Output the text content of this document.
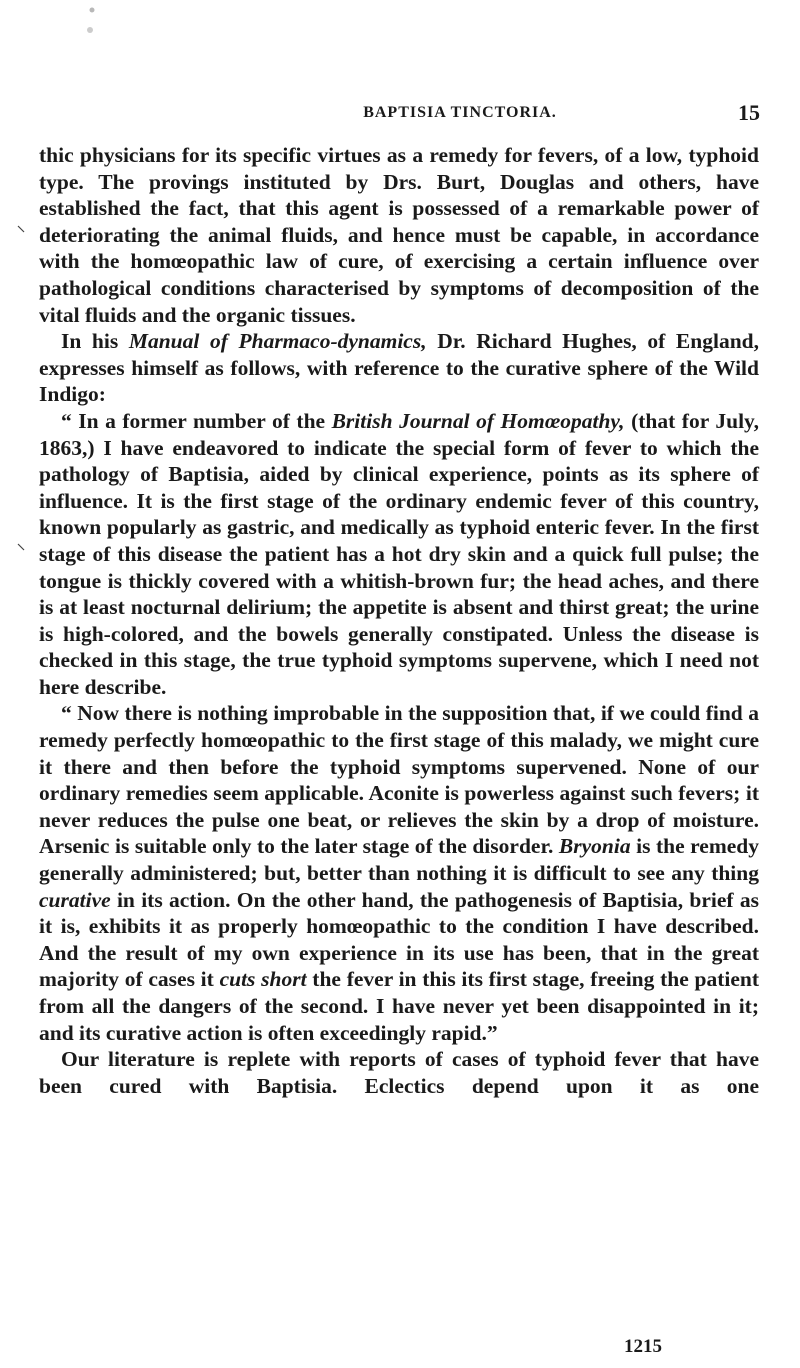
BAPTISIA TINCTORIA.	15

thic physicians for its specific virtues as a remedy for fevers, of a low, typhoid type. The provings instituted by Drs. Burt, Douglas and others, have established the fact, that this agent is possessed of a remarkable power of deteriorating the animal fluids, and hence must be capable, in accordance with the homœopathic law of cure, of exercising a certain influence over pathological conditions characterised by symptoms of decomposition of the vital fluids and the organic tissues.

In his Manual of Pharmaco-dynamics, Dr. Richard Hughes, of England, expresses himself as follows, with reference to the curative sphere of the Wild Indigo:

“ In a former number of the British Journal of Homœopathy, (that for July, 1863,) I have endeavored to indicate the special form of fever to which the pathology of Baptisia, aided by clinical experience, points as its sphere of influence. It is the first stage of the ordinary endemic fever of this country, known popularly as gastric, and medically as typhoid enteric fever. In the first stage of this disease the patient has a hot dry skin and a quick full pulse; the tongue is thickly covered with a whitish-brown fur; the head aches, and there is at least nocturnal delirium; the appetite is absent and thirst great; the urine is high-colored, and the bowels generally constipated. Unless the disease is checked in this stage, the true typhoid symptoms supervene, which I need not here describe.

“ Now there is nothing improbable in the supposition that, if we could find a remedy perfectly homœopathic to the first stage of this malady, we might cure it there and then before the typhoid symptoms supervened. None of our ordinary remedies seem applicable. Aconite is powerless against such fevers; it never reduces the pulse one beat, or relieves the skin by a drop of moisture. Arsenic is suitable only to the later stage of the disorder. Bryonia is the remedy generally administered; but, better than nothing it is difficult to see any thing curative in its action. On the other hand, the pathogenesis of Baptisia, brief as it is, exhibits it as properly homœopathic to the condition I have described. And the result of my own experience in its use has been, that in the great majority of cases it cuts short the fever in this its first stage, freeing the patient from all the dangers of the second. I have never yet been disappointed in it; and its curative action is often exceedingly rapid.”

Our literature is replete with reports of cases of typhoid fever that have been cured with Baptisia. Eclectics depend upon it as one

1215
